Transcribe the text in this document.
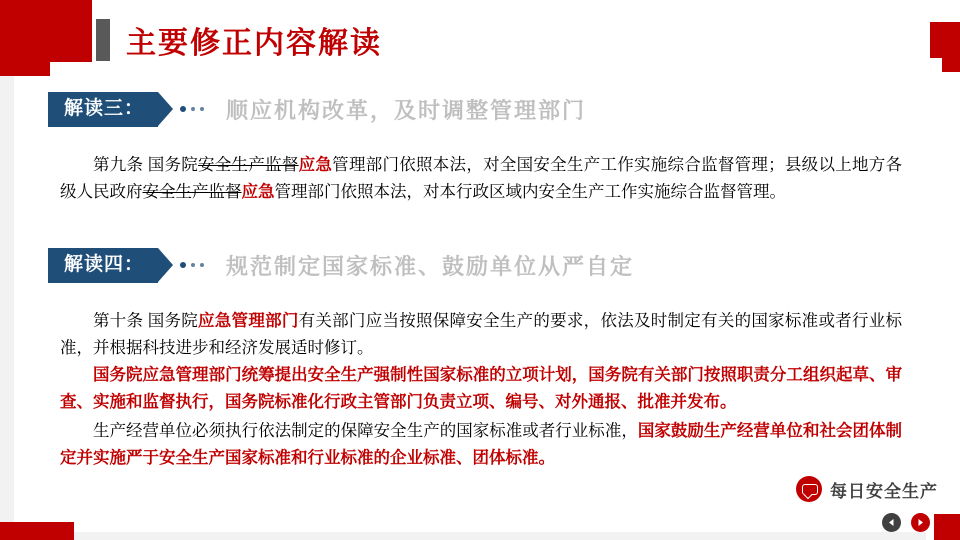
主要修正内容解读
解读三：	顺应机构改革，及时调整管理部门
第九条 国务院安全生产监督应急管理部门依照本法，对全国安全生产工作实施综合监督管理；县级以上地方各级人民政府安全生产监督应急管理部门依照本法，对本行政区域内安全生产工作实施综合监督管理。
解读四：	规范制定国家标准、鼓励单位从严自定
第十条 国务院应急管理部门有关部门应当按照保障安全生产的要求，依法及时制定有关的国家标准或者行业标准，并根据科技进步和经济发展适时修订。
国务院应急管理部门统筹提出安全生产强制性国家标准的立项计划，国务院有关部门按照职责分工组织起草、审查、实施和监督执行，国务院标准化行政主管部门负责立项、编号、对外通报、批准并发布。
生产经营单位必须执行依法制定的保障安全生产的国家标准或者行业标准，国家鼓励生产经营单位和社会团体制定并实施严于安全生产国家标准和行业标准的企业标准、团体标准。
每日安全生产
